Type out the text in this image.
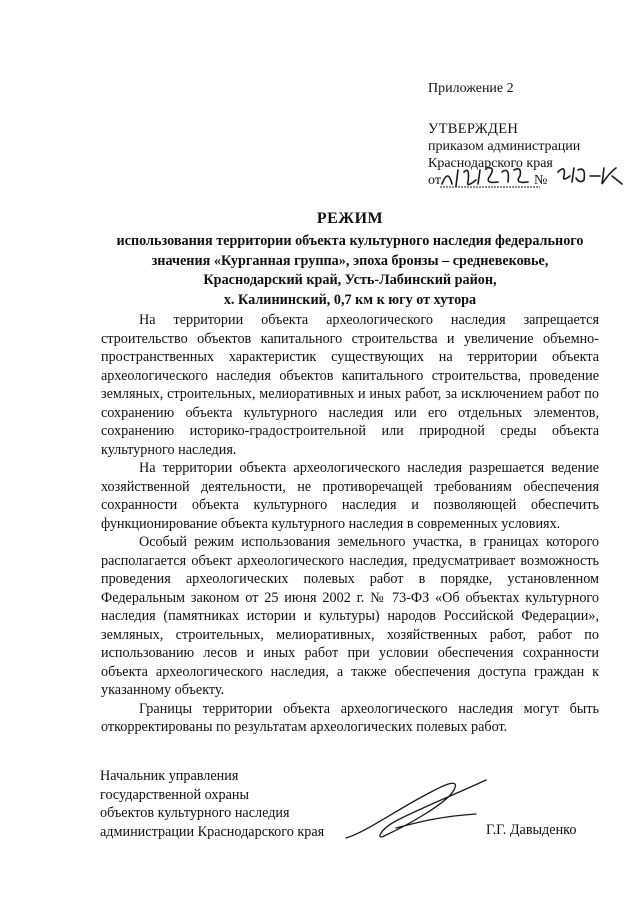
Приложение 2
УТВЕРЖДЕН
приказом администрации
Краснодарского края
от	№
РЕЖИМ
использования территории объекта культурного наследия федерального
значения «Курганная группа», эпоха бронзы – средневековье,
Краснодарский край, Усть-Лабинский район,
х. Калининский, 0,7 км к югу от хутора

На территории объекта археологического наследия запрещается строительство объектов капитального строительства и увеличение объемно-пространственных характеристик существующих на территории объекта археологического наследия объектов капитального строительства, проведение земляных, строительных, мелиоративных и иных работ, за исключением работ по сохранению объекта культурного наследия или его отдельных элементов, сохранению историко-градостроительной или природной среды объекта культурного наследия.

На территории объекта археологического наследия разрешается ведение хозяйственной деятельности, не противоречащей требованиям обеспечения сохранности объекта культурного наследия и позволяющей обеспечить функционирование объекта культурного наследия в современных условиях.

Особый режим использования земельного участка, в границах которого располагается объект археологического наследия, предусматривает возможность проведения археологических полевых работ в порядке, установленном Федеральным законом от 25 июня 2002 г. № 73-ФЗ «Об объектах культурного наследия (памятниках истории и культуры) народов Российской Федерации», земляных, строительных, мелиоративных, хозяйственных работ, работ по использованию лесов и иных работ при условии обеспечения сохранности объекта археологического наследия, а также обеспечения доступа граждан к указанному объекту.

Границы территории объекта археологического наследия могут быть откорректированы по результатам археологических полевых работ.

Начальник управления
государственной охраны
объектов культурного наследия
администрации Краснодарского края	Г.Г. Давыденко
